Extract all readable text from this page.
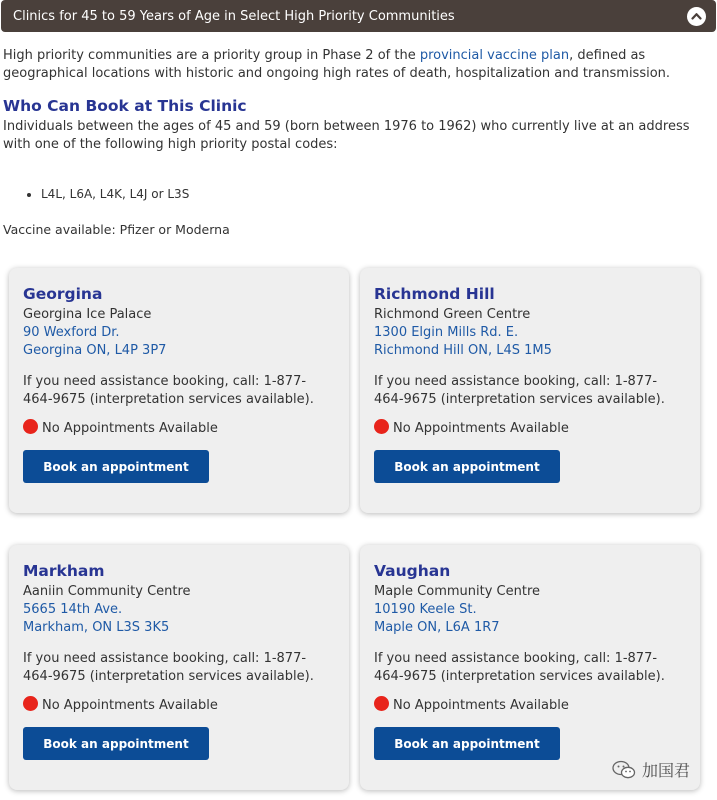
Clinics for 45 to 59 Years of Age in Select High Priority Communities

High priority communities are a priority group in Phase 2 of the provincial vaccine plan, defined as geographical locations with historic and ongoing high rates of death, hospitalization and transmission.

Who Can Book at This Clinic

Individuals between the ages of 45 and 59 (born between 1976 to 1962) who currently live at an address with one of the following high priority postal codes:

• L4L, L6A, L4K, L4J or L3S

Vaccine available: Pfizer or Moderna

Georgina

Georgina Ice Palace

90 Wexford Dr.
Georgina ON, L4P 3P7

If you need assistance booking, call: 1-877-464-9675 (interpretation services available).

No Appointments Available
Book an appointment
Richmond Hill

Richmond Green Centre

1300 Elgin Mills Rd. E.
Richmond Hill ON, L4S 1M5

If you need assistance booking, call: 1-877-464-9675 (interpretation services available).

No Appointments Available
Book an appointment
Markham

Aaniin Community Centre

5665 14th Ave.
Markham, ON L3S 3K5

If you need assistance booking, call: 1-877-464-9675 (interpretation services available).

No Appointments Available
Book an appointment
Vaughan

Maple Community Centre

10190 Keele St.
Maple ON, L6A 1R7

If you need assistance booking, call: 1-877-464-9675 (interpretation services available).

No Appointments Available
Book an appointment
加国君
